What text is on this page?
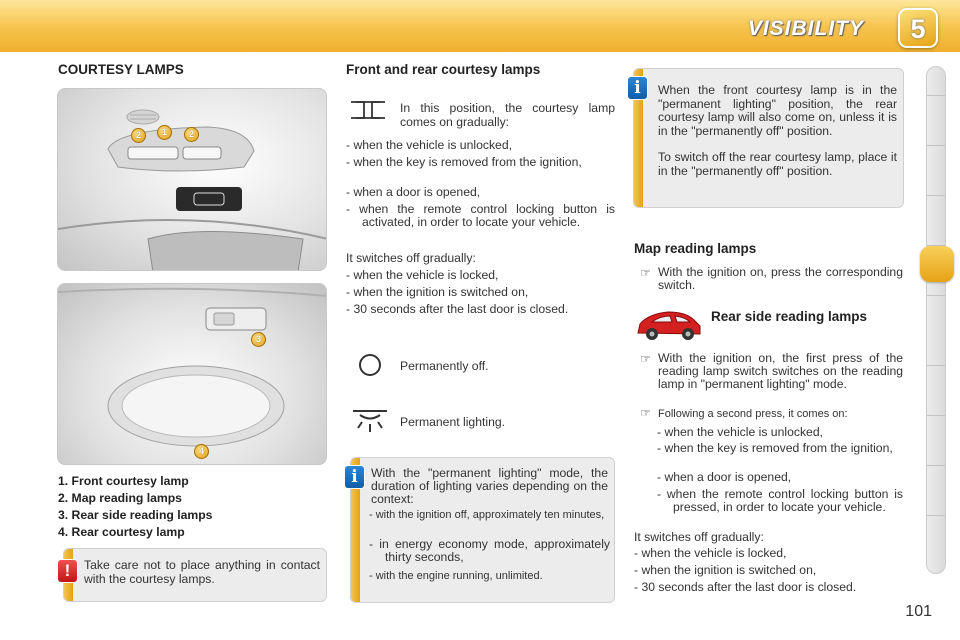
VISIBILITY	5
COURTESY LAMPS
2	1	2
3
4
1. Front courtesy lamp
2. Map reading lamps
3. Rear side reading lamps
4. Rear courtesy lamp
Take care not to place anything in contact with the courtesy lamps.
!
Front and rear courtesy lamps
In this position, the courtesy lamp comes on gradually:
- when the vehicle is unlocked,
- when the key is removed from the ignition,
- when a door is opened,
- when the remote control locking button is activated, in order to locate your vehicle.
It switches off gradually:
- when the vehicle is locked,
- when the ignition is switched on,
- 30 seconds after the last door is closed.
Permanently off.
Permanent lighting.
With the "permanent lighting" mode, the duration of lighting varies depending on the context:
- with the ignition off, approximately ten minutes,
- in energy economy mode, approximately thirty seconds,
- with the engine running, unlimited.
i
When the front courtesy lamp is in the "permanent lighting" position, the rear courtesy lamp will also come on, unless it is in the "permanently off" position.
To switch off the rear courtesy lamp, place it in the "permanently off" position.
i
Map reading lamps
☞ With the ignition on, press the corresponding switch.
Rear side reading lamps
☞ With the ignition on, the first press of the reading lamp switch switches on the reading lamp in "permanent lighting" mode.
☞ Following a second press, it comes on:
- when the vehicle is unlocked,
- when the key is removed from the ignition,
- when a door is opened,
- when the remote control locking button is pressed, in order to locate your vehicle.
It switches off gradually:
- when the vehicle is locked,
- when the ignition is switched on,
- 30 seconds after the last door is closed.
101
